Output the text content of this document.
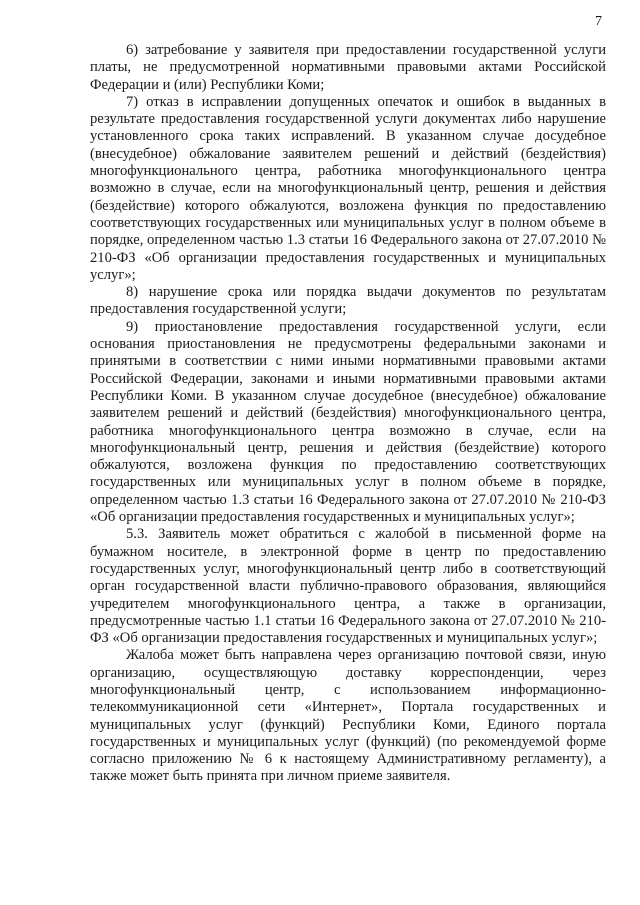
7

6) затребование у заявителя при предоставлении государственной услуги платы, не предусмотренной нормативными правовыми актами Российской Федерации и (или) Республики Коми;

7) отказ в исправлении допущенных опечаток и ошибок в выданных в результате предоставления государственной услуги документах либо нарушение установленного срока таких исправлений. В указанном случае досудебное (внесудебное) обжалование заявителем решений и действий (бездействия) многофункционального центра, работника многофункционального центра возможно в случае, если на многофункциональный центр, решения и действия (бездействие) которого обжалуются, возложена функция по предоставлению соответствующих государственных или муниципальных услуг в полном объеме в порядке, определенном частью 1.3 статьи 16 Федерального закона от 27.07.2010 № 210-ФЗ «Об организации предоставления государственных и муниципальных услуг»;

8) нарушение срока или порядка выдачи документов по результатам предоставления государственной услуги;

9) приостановление предоставления государственной услуги, если основания приостановления не предусмотрены федеральными законами и принятыми в соответствии с ними иными нормативными правовыми актами Российской Федерации, законами и иными нормативными правовыми актами Республики Коми. В указанном случае досудебное (внесудебное) обжалование заявителем решений и действий (бездействия) многофункционального центра, работника многофункционального центра возможно в случае, если на многофункциональный центр, решения и действия (бездействие) которого обжалуются, возложена функция по предоставлению соответствующих государственных или муниципальных услуг в полном объеме в порядке, определенном частью 1.3 статьи 16 Федерального закона от 27.07.2010 № 210-ФЗ «Об организации предоставления государственных и муниципальных услуг»;

5.3. Заявитель может обратиться с жалобой в письменной форме на бумажном носителе, в электронной форме в центр по предоставлению государственных услуг, многофункциональный центр либо в соответствующий орган государственной власти публично-правового образования, являющийся учредителем многофункционального центра, а также в организации, предусмотренные частью 1.1 статьи 16 Федерального закона от 27.07.2010 № 210-ФЗ «Об организации предоставления государственных и муниципальных услуг»;

Жалоба может быть направлена через организацию почтовой связи, иную организацию, осуществляющую доставку корреспонденции, через многофункциональный центр, с использованием информационно-телекоммуникационной сети «Интернет», Портала государственных и муниципальных услуг (функций) Республики Коми, Единого портала государственных и муниципальных услуг (функций) (по рекомендуемой форме согласно приложению № 6 к настоящему Административному регламенту), а также может быть принята при личном приеме заявителя.
